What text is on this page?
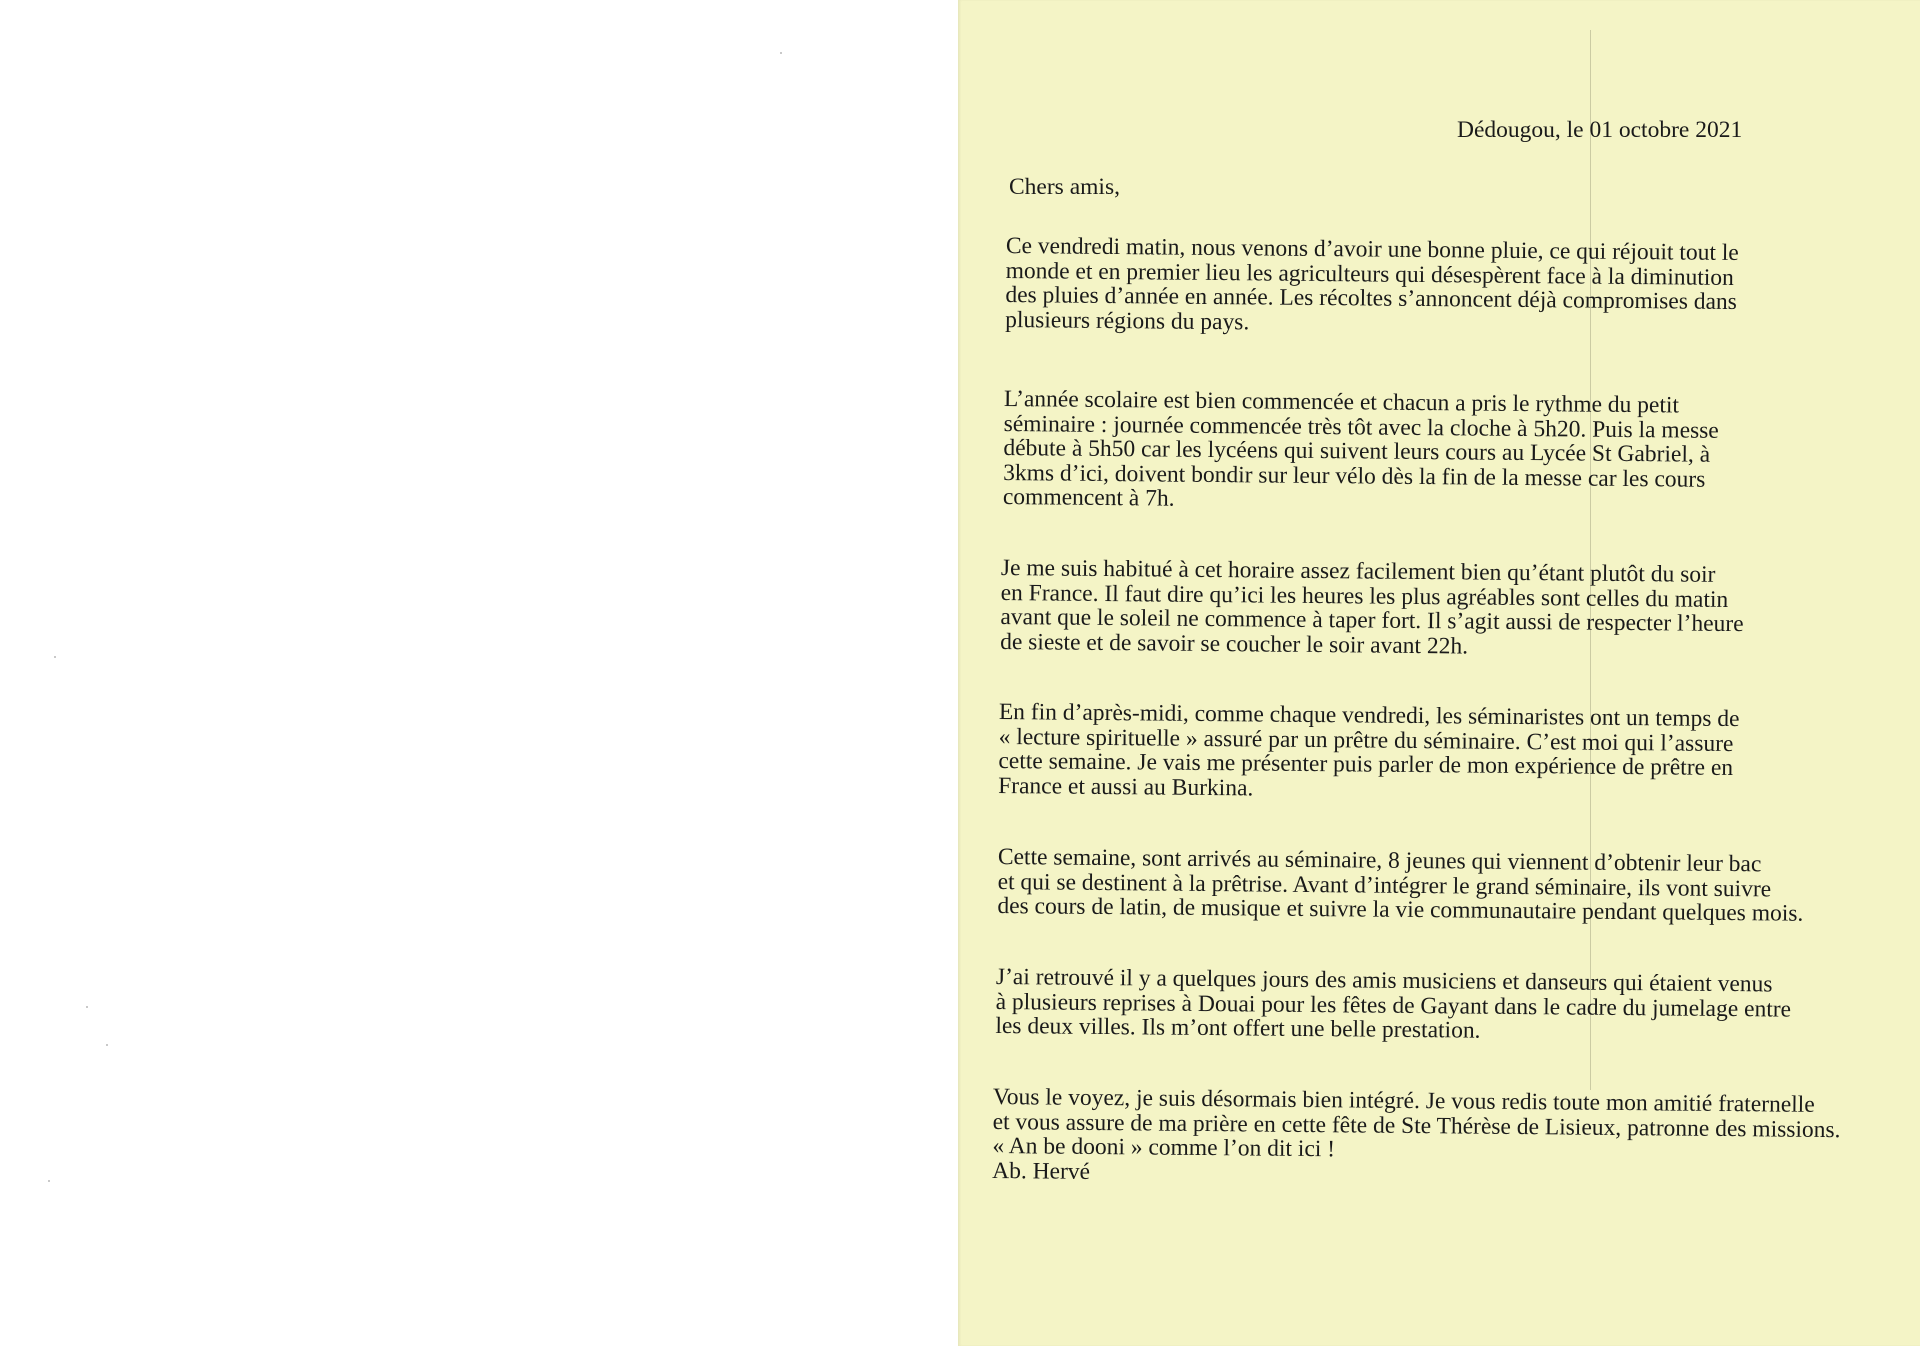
Dédougou, le 01 octobre 2021
Chers amis,
Ce vendredi matin, nous venons d’avoir une bonne pluie, ce qui réjouit tout le
monde et en premier lieu les agriculteurs qui désespèrent face à la diminution
des pluies d’année en année. Les récoltes s’annoncent déjà compromises dans
plusieurs régions du pays.
L’année scolaire est bien commencée et chacun a pris le rythme du petit
séminaire : journée commencée très tôt avec la cloche à 5h20. Puis la messe
débute à 5h50 car les lycéens qui suivent leurs cours au Lycée St Gabriel, à
3kms d’ici, doivent bondir sur leur vélo dès la fin de la messe car les cours
commencent à 7h.
Je me suis habitué à cet horaire assez facilement bien qu’étant plutôt du soir
en France. Il faut dire qu’ici les heures les plus agréables sont celles du matin
avant que le soleil ne commence à taper fort. Il s’agit aussi de respecter l’heure
de sieste et de savoir se coucher le soir avant 22h.
En fin d’après-midi, comme chaque vendredi, les séminaristes ont un temps de
« lecture spirituelle » assuré par un prêtre du séminaire. C’est moi qui l’assure
cette semaine. Je vais me présenter puis parler de mon expérience de prêtre en
France et aussi au Burkina.
Cette semaine, sont arrivés au séminaire, 8 jeunes qui viennent d’obtenir leur bac
et qui se destinent à la prêtrise. Avant d’intégrer le grand séminaire, ils vont suivre
des cours de latin, de musique et suivre la vie communautaire pendant quelques mois.
J’ai retrouvé il y a quelques jours des amis musiciens et danseurs qui étaient venus
à plusieurs reprises à Douai pour les fêtes de Gayant dans le cadre du jumelage entre
les deux villes. Ils m’ont offert une belle prestation.
Vous le voyez, je suis désormais bien intégré. Je vous redis toute mon amitié fraternelle
et vous assure de ma prière en cette fête de Ste Thérèse de Lisieux, patronne des missions.
« An be dooni » comme l’on dit ici !
Ab. Hervé
